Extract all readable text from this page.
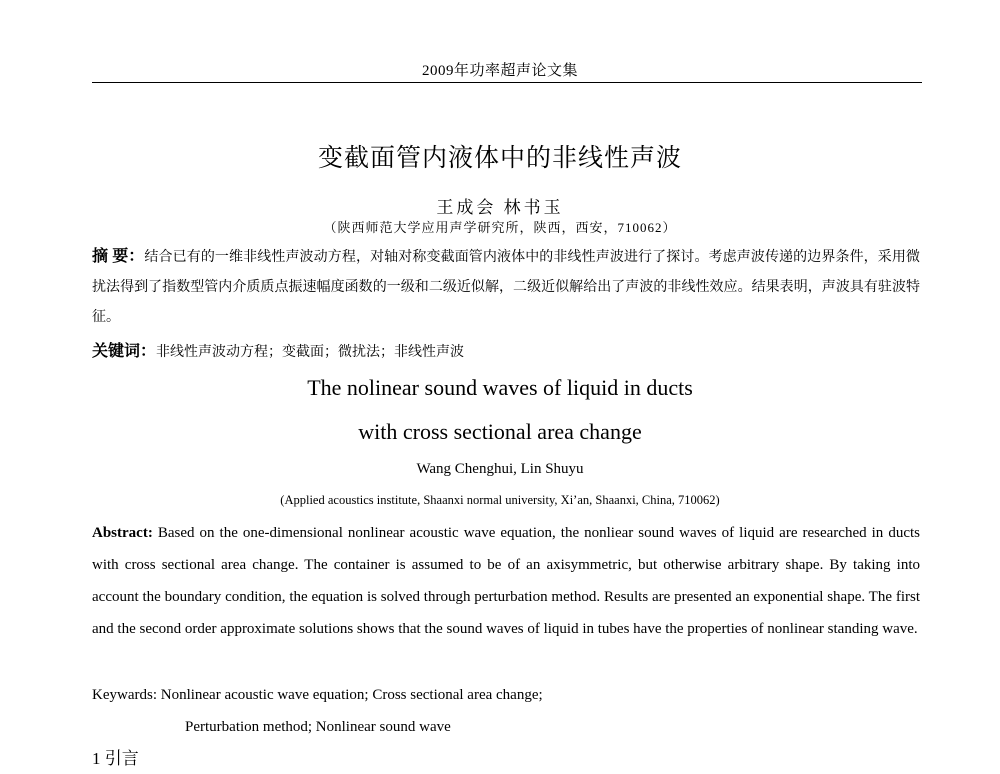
2009年功率超声论文集
变截面管内液体中的非线性声波
王成会 林书玉
（陕西师范大学应用声学研究所，陕西，西安，710062）
摘 要：结合已有的一维非线性声波动方程，对轴对称变截面管内液体中的非线性声波进行了探讨。考虑声波传递的边界条件，采用微扰法得到了指数型管内介质质点振速幅度函数的一级和二级近似解，二级近似解给出了声波的非线性效应。结果表明，声波具有驻波特征。
关键词：非线性声波动方程；变截面；微扰法；非线性声波
The nolinear sound waves of liquid in ducts
with cross sectional area change
Wang Chenghui, Lin Shuyu
(Applied acoustics institute, Shaanxi normal university, Xi’an, Shaanxi, China, 710062)
Abstract: Based on the one-dimensional nonlinear acoustic wave equation, the nonliear sound waves of liquid are researched in ducts with cross sectional area change. The container is assumed to be of an axisymmetric, but otherwise arbitrary shape. By taking into account the boundary condition, the equation is solved through perturbation method. Results are presented an exponential shape. The first and the second order approximate solutions shows that the sound waves of liquid in tubes have the properties of nonlinear standing wave.
Keywards: Nonlinear acoustic wave equation; Cross sectional area change;
Perturbation method; Nonlinear sound wave
1 引言
